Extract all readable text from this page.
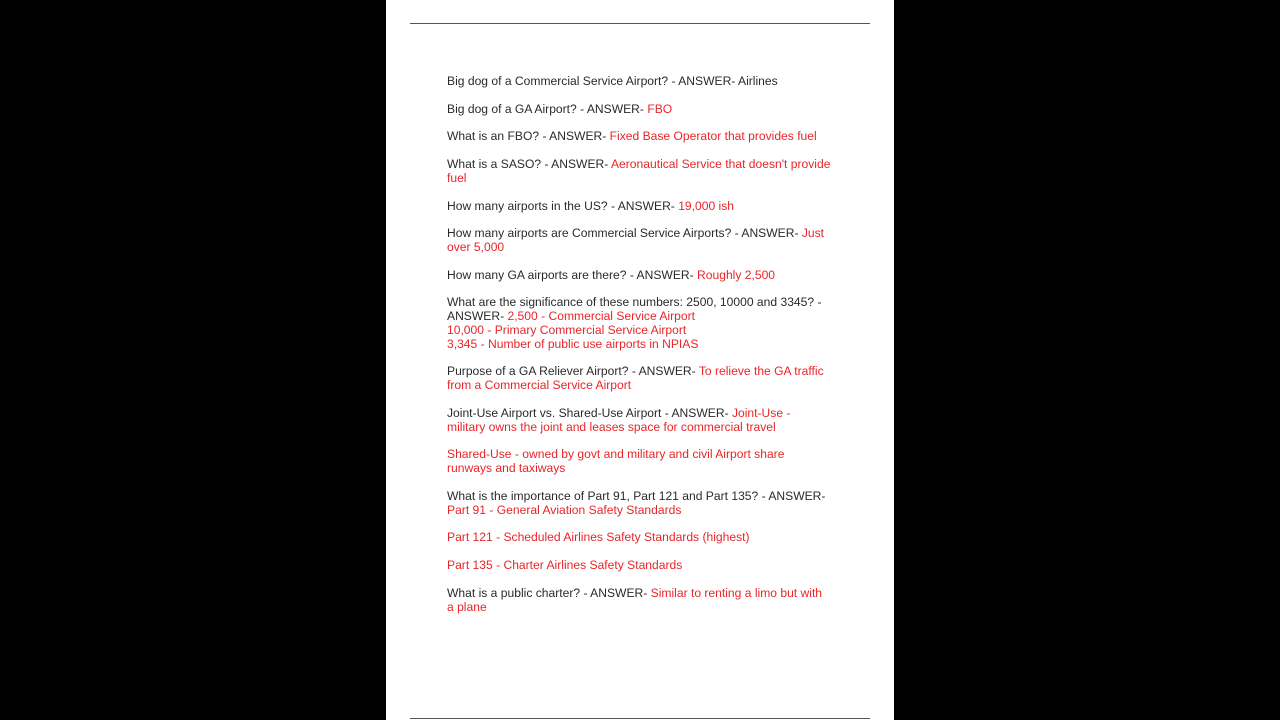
Big dog of a Commercial Service Airport? - ANSWER- Airlines

Big dog of a GA Airport? - ANSWER- FBO

What is an FBO? - ANSWER- Fixed Base Operator that provides fuel

What is a SASO? - ANSWER- Aeronautical Service that doesn't provide fuel

How many airports in the US? - ANSWER- 19,000 ish

How many airports are Commercial Service Airports? - ANSWER- Just over 5,000

How many GA airports are there? - ANSWER- Roughly 2,500

What are the significance of these numbers: 2500, 10000 and 3345? - ANSWER- 2,500 - Commercial Service Airport
10,000 - Primary Commercial Service Airport
3,345 - Number of public use airports in NPIAS

Purpose of a GA Reliever Airport? - ANSWER- To relieve the GA traffic from a Commercial Service Airport

Joint-Use Airport vs. Shared-Use Airport - ANSWER- Joint-Use - military owns the joint and leases space for commercial travel

Shared-Use - owned by govt and military and civil Airport share runways and taxiways

What is the importance of Part 91, Part 121 and Part 135? - ANSWER-
Part 91 - General Aviation Safety Standards

Part 121 - Scheduled Airlines Safety Standards (highest)

Part 135 - Charter Airlines Safety Standards

What is a public charter? - ANSWER- Similar to renting a limo but with a plane
